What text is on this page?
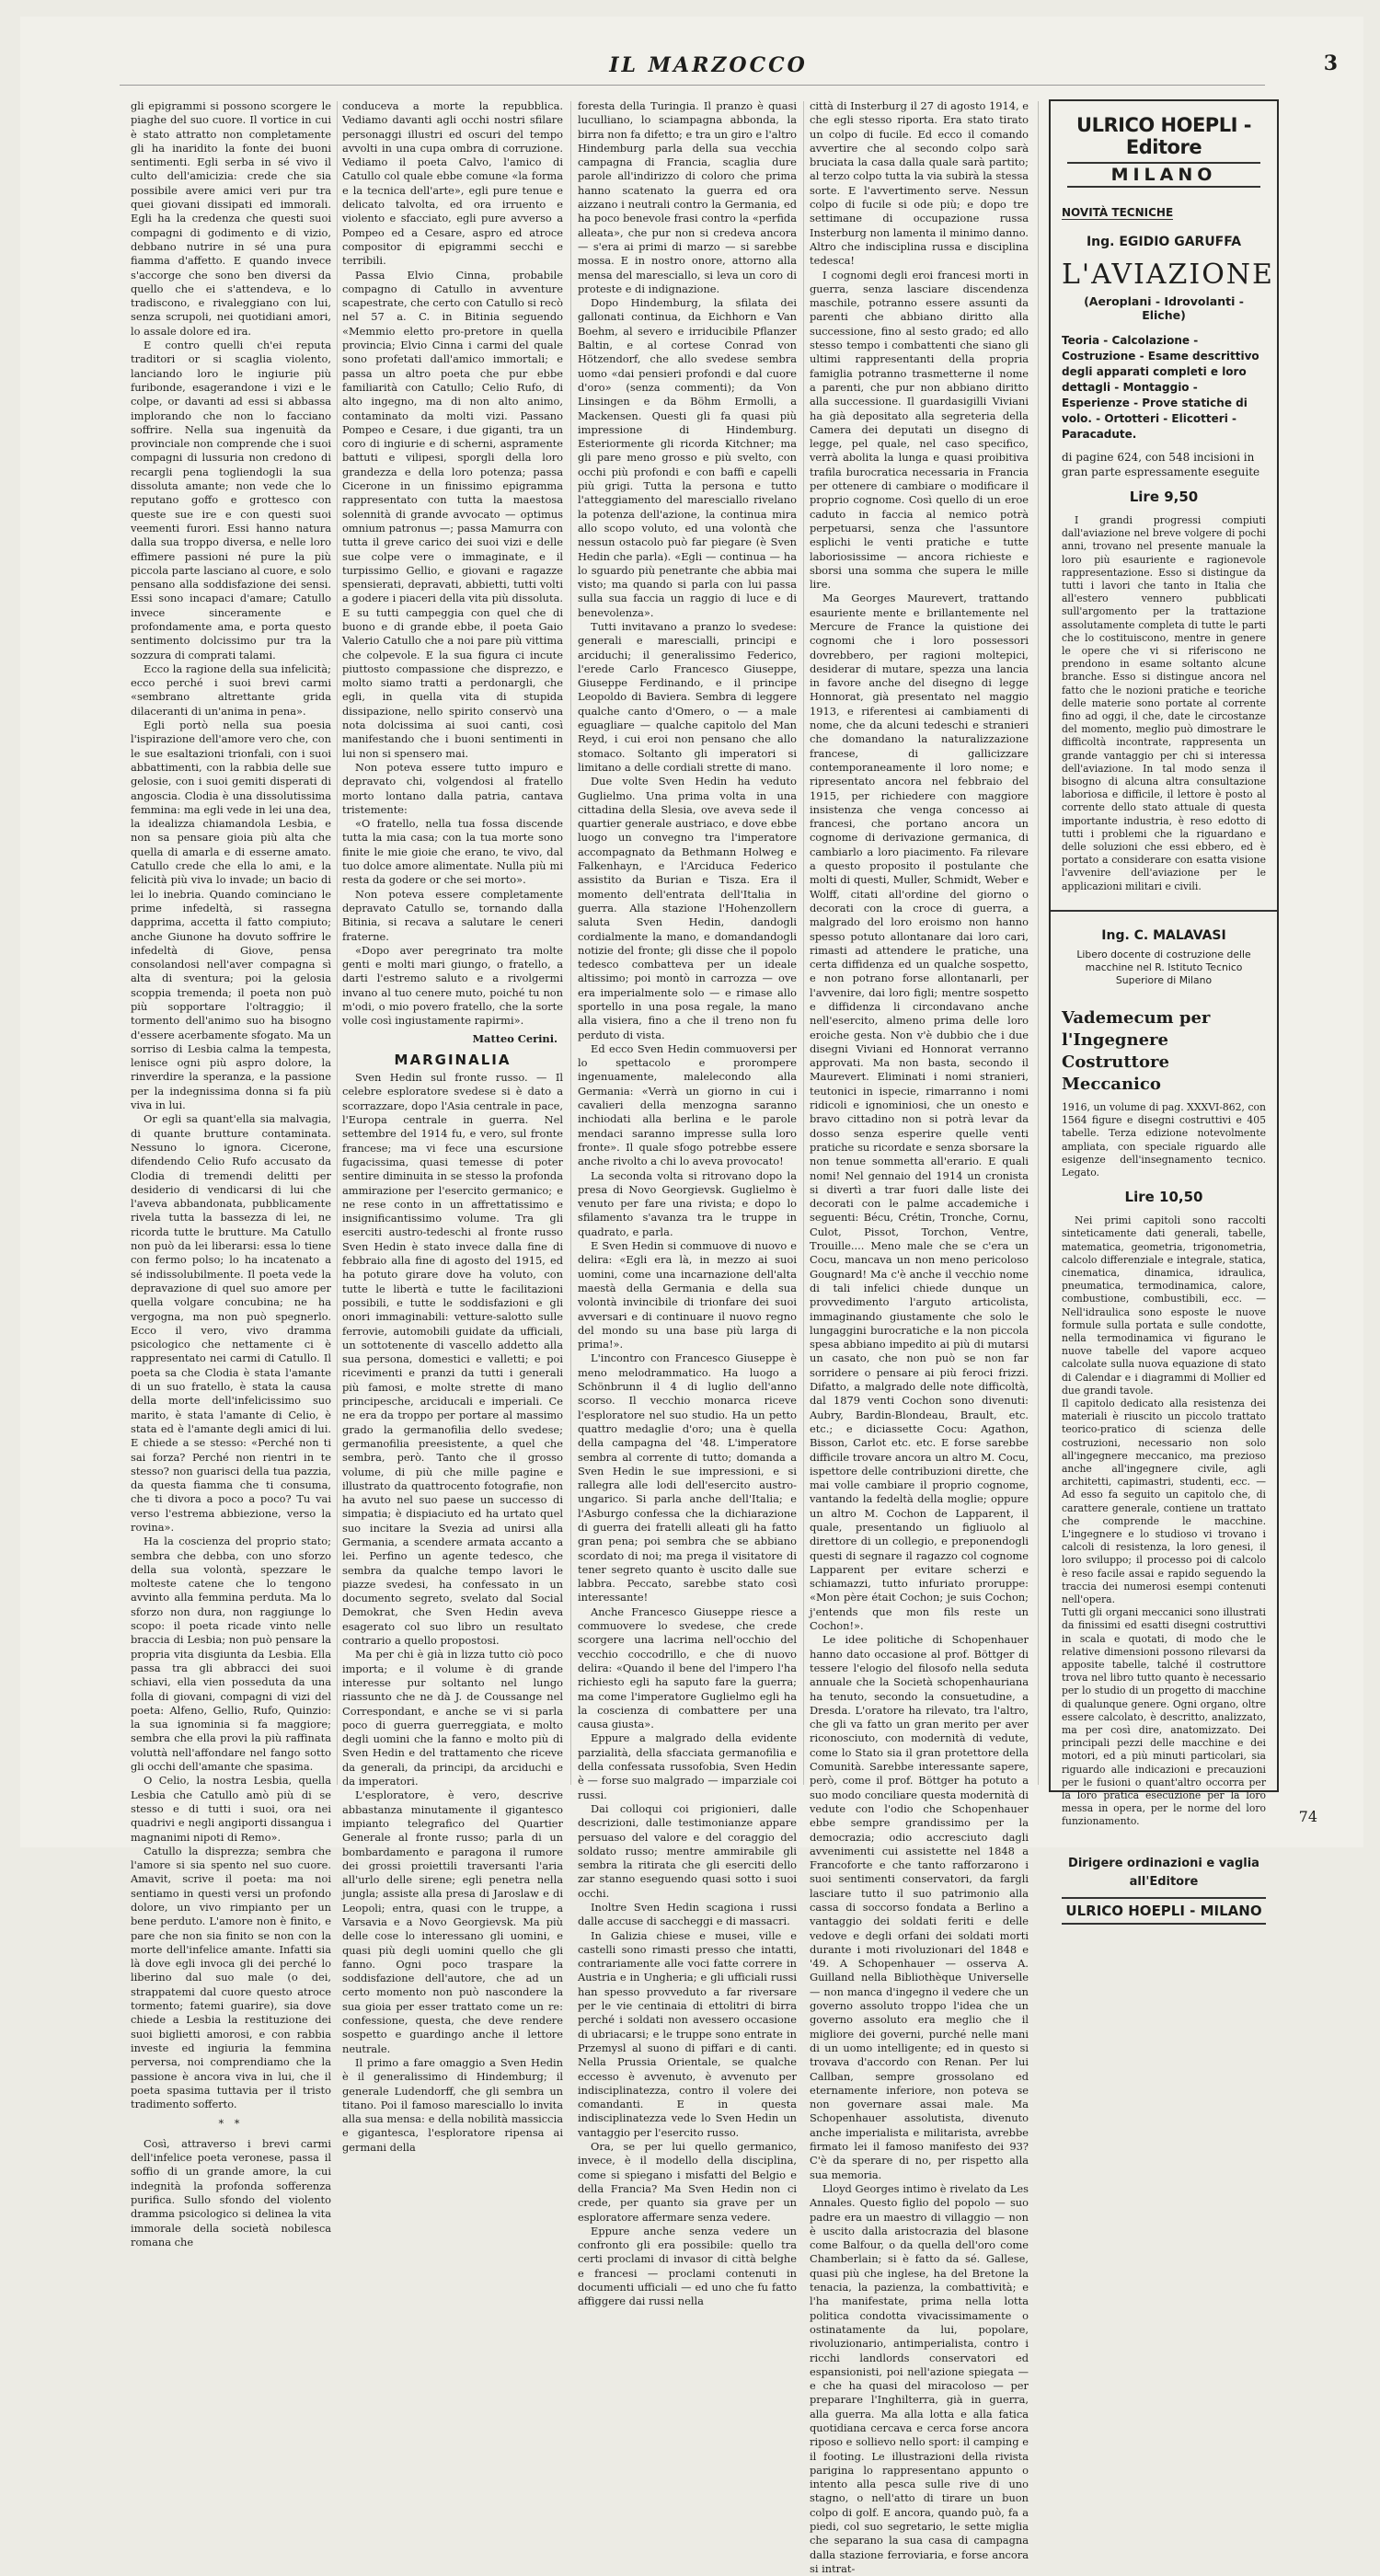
IL MARZOCCO	3

gli epigrammi si possono scorgere le piaghe del suo cuore. Il vortice in cui è stato attratto non completamente gli ha inaridito la fonte dei buoni sentimenti. Egli serba in sé vivo il culto dell'amicizia: crede che sia possibile avere amici veri pur tra quei giovani dissipati ed immorali. Egli ha la credenza che questi suoi compagni di godimento e di vizio, debbano nutrire in sé una pura fiamma d'affetto. E quando invece s'accorge che sono ben diversi da quello che ei s'attendeva, e lo tradiscono, e rivaleggiano con lui, senza scrupoli, nei quotidiani amori, lo assale dolore ed ira.

E contro quelli ch'ei reputa traditori or si scaglia violento, lanciando loro le ingiurie più furibonde, esagerandone i vizi e le colpe, or davanti ad essi si abbassa implorando che non lo facciano soffrire. Nella sua ingenuità da provinciale non comprende che i suoi compagni di lussuria non credono di recargli pena togliendogli la sua dissoluta amante; non vede che lo reputano goffo e grottesco con queste sue ire e con questi suoi veementi furori. Essi hanno natura dalla sua troppo diversa, e nelle loro effimere passioni né pure la più piccola parte lasciano al cuore, e solo pensano alla soddisfazione dei sensi. Essi sono incapaci d'amare; Catullo invece sinceramente e profondamente ama, e porta questo sentimento dolcissimo pur tra la sozzura di comprati talami.

Ecco la ragione della sua infelicità; ecco perché i suoi brevi carmi «sembrano altrettante grida dilaceranti di un'anima in pena».

Egli portò nella sua poesia l'ispirazione dell'amore vero che, con le sue esaltazioni trionfali, con i suoi abbattimenti, con la rabbia delle sue gelosie, con i suoi gemiti disperati di angoscia. Clodia è una dissolutissima femmina: ma egli vede in lei una dea, la idealizza chiamandola Lesbia, e non sa pensare gioia più alta che quella di amarla e di esserne amato. Catullo crede che ella lo ami, e la felicità più viva lo invade; un bacio di lei lo inebria. Quando cominciano le prime infedeltà, si rassegna dapprima, accetta il fatto compiuto; anche Giunone ha dovuto soffrire le infedeltà di Giove, pensa consolandosi nell'aver compagna sì alta di sventura; poi la gelosia scoppia tremenda; il poeta non può più sopportare l'oltraggio; il tormento dell'animo suo ha bisogno d'essere acerbamente sfogato. Ma un sorriso di Lesbia calma la tempesta, lenisce ogni più aspro dolore, la rinverdire la speranza, e la passione per la indegnissima donna si fa più viva in lui.

Or egli sa quant'ella sia malvagia, di quante brutture contaminata. Nessuno lo ignora. Cicerone, difendendo Celio Rufo accusato da Clodia di tremendi delitti per desiderio di vendicarsi di lui che l'aveva abbandonata, pubblicamente rivela tutta la bassezza di lei, ne ricorda tutte le brutture. Ma Catullo non può da lei liberarsi: essa lo tiene con fermo polso; lo ha incatenato a sé indissolubilmente. Il poeta vede la depravazione di quel suo amore per quella volgare concubina; ne ha vergogna, ma non può spegnerlo. Ecco il vero, vivo dramma psicologico che nettamente ci è rappresentato nei carmi di Catullo. Il poeta sa che Clodia è stata l'amante di un suo fratello, è stata la causa della morte dell'infelicissimo suo marito, è stata l'amante di Celio, è stata ed è l'amante degli amici di lui. E chiede a se stesso: «Perché non ti sai forza? Perché non rientri in te stesso? non guarisci della tua pazzia, da questa fiamma che ti consuma, che ti divora a poco a poco? Tu vai verso l'estrema abbiezione, verso la rovina».

Ha la coscienza del proprio stato; sembra che debba, con uno sforzo della sua volontà, spezzare le molteste catene che lo tengono avvinto alla femmina perduta. Ma lo sforzo non dura, non raggiunge lo scopo: il poeta ricade vinto nelle braccia di Lesbia; non può pensare la propria vita disgiunta da Lesbia. Ella passa tra gli abbracci dei suoi schiavi, ella vien posseduta da una folla di giovani, compagni di vizi del poeta: Alfeno, Gellio, Rufo, Quinzio: la sua ignominia si fa maggiore; sembra che ella provi la più raffinata voluttà nell'affondare nel fango sotto gli occhi dell'amante che spasima.

O Celio, la nostra Lesbia, quella Lesbia che Catullo amò più di se stesso e di tutti i suoi, ora nei quadrivi e negli angiporti dissangua i magnanimi nipoti di Remo».

Catullo la disprezza; sembra che l'amore si sia spento nel suo cuore. Amavit, scrive il poeta: ma noi sentiamo in questi versi un profondo dolore, un vivo rimpianto per un bene perduto. L'amore non è finito, e pare che non sia finito se non con la morte dell'infelice amante. Infatti sia là dove egli invoca gli dei perché lo liberino dal suo male (o dei, strappatemi dal cuore questo atroce tormento; fatemi guarire), sia dove chiede a Lesbia la restituzione dei suoi biglietti amorosi, e con rabbia investe ed ingiuria la femmina perversa, noi comprendiamo che la passione è ancora viva in lui, che il poeta spasima tuttavia per il tristo tradimento sofferto.

* *

Così, attraverso i brevi carmi dell'infelice poeta veronese, passa il soffio di un grande amore, la cui indegnità la profonda sofferenza purifica. Sullo sfondo del violento dramma psicologico si delinea la vita immorale della società nobilesca romana che

conduceva a morte la repubblica. Vediamo davanti agli occhi nostri sfilare personaggi illustri ed oscuri del tempo avvolti in una cupa ombra di corruzione. Vediamo il poeta Calvo, l'amico di Catullo col quale ebbe comune «la forma e la tecnica dell'arte», egli pure tenue e delicato talvolta, ed ora irruento e violento e sfacciato, egli pure avverso a Pompeo ed a Cesare, aspro ed atroce compositor di epigrammi secchi e terribili.

Passa Elvio Cinna, probabile compagno di Catullo in avventure scapestrate, che certo con Catullo si recò nel 57 a. C. in Bitinia seguendo «Memmio eletto pro-pretore in quella provincia; Elvio Cinna i carmi del quale sono profetati dall'amico immortali; e passa un altro poeta che pur ebbe familiarità con Catullo; Celio Rufo, di alto ingegno, ma di non alto animo, contaminato da molti vizi. Passano Pompeo e Cesare, i due giganti, tra un coro di ingiurie e di scherni, aspramente battuti e vilipesi, sporgli della loro grandezza e della loro potenza; passa Cicerone in un finissimo epigramma rappresentato con tutta la maestosa solennità di grande avvocato — optimus omnium patronus —; passa Mamurra con tutta il greve carico dei suoi vizi e delle sue colpe vere o immaginate, e il turpissimo Gellio, e giovani e ragazze spensierati, depravati, abbietti, tutti volti a godere i piaceri della vita più dissoluta. E su tutti campeggia con quel che di buono e di grande ebbe, il poeta Gaio Valerio Catullo che a noi pare più vittima che colpevole. E la sua figura ci incute piuttosto compassione che disprezzo, e molto siamo tratti a perdonargli, che egli, in quella vita di stupida dissipazione, nello spirito conservò una nota dolcissima ai suoi canti, così manifestando che i buoni sentimenti in lui non si spensero mai.

Non poteva essere tutto impuro e depravato chi, volgendosi al fratello morto lontano dalla patria, cantava tristemente:

«O fratello, nella tua fossa discende tutta la mia casa; con la tua morte sono finite le mie gioie che erano, te vivo, dal tuo dolce amore alimentate. Nulla più mi resta da godere or che sei morto».

Non poteva essere completamente depravato Catullo se, tornando dalla Bitinia, si recava a salutare le ceneri fraterne.

«Dopo aver peregrinato tra molte genti e molti mari giungo, o fratello, a darti l'estremo saluto e a rivolgermi invano al tuo cenere muto, poiché tu non m'odi, o mio povero fratello, che la sorte volle così ingiustamente rapirmi».

Matteo Cerini.
MARGINALIA

Sven Hedin sul fronte russo. — Il celebre esploratore svedese si è dato a scorrazzare, dopo l'Asia centrale in pace, l'Europa centrale in guerra. Nel settembre del 1914 fu, e vero, sul fronte francese; ma vi fece una escursione fugacissima, quasi temesse di poter sentire diminuita in se stesso la profonda ammirazione per l'esercito germanico; e ne rese conto in un affrettatissimo e insignificantissimo volume. Tra gli eserciti austro-tedeschi al fronte russo Sven Hedin è stato invece dalla fine di febbraio alla fine di agosto del 1915, ed ha potuto girare dove ha voluto, con tutte le libertà e tutte le facilitazioni possibili, e tutte le soddisfazioni e gli onori immaginabili: vetture-salotto sulle ferrovie, automobili guidate da ufficiali, un sottotenente di vascello addetto alla sua persona, domestici e valletti; e poi ricevimenti e pranzi da tutti i generali più famosi, e molte strette di mano principesche, arciducali e imperiali. Ce ne era da troppo per portare al massimo grado la germanofilia dello svedese; germanofilia preesistente, a quel che sembra, però. Tanto che il grosso volume, di più che mille pagine e illustrato da quattrocento fotografie, non ha avuto nel suo paese un successo di simpatia; è dispiaciuto ed ha urtato quel suo incitare la Svezia ad unirsi alla Germania, a scendere armata accanto a lei. Perfino un agente tedesco, che sembra da qualche tempo lavori le piazze svedesi, ha confessato in un documento segreto, svelato dal Social Demokrat, che Sven Hedin aveva esagerato col suo libro un resultato contrario a quello propostosi.

Ma per chi è già in lizza tutto ciò poco importa; e il volume è di grande interesse pur soltanto nel lungo riassunto che ne dà J. de Coussange nel Correspondant, e anche se vi si parla poco di guerra guerreggiata, e molto degli uomini che la fanno e molto più di Sven Hedin e del trattamento che riceve da generali, da principi, da arciduchi e da imperatori.

L'esploratore, è vero, descrive abbastanza minutamente il gigantesco impianto telegrafico del Quartier Generale al fronte russo; parla di un bombardamento e paragona il rumore dei grossi proiettili traversanti l'aria all'urlo delle sirene; egli penetra nella jungla; assiste alla presa di Jaroslaw e di Leopoli; entra, quasi con le truppe, a Varsavia e a Novo Georgievsk. Ma più delle cose lo interessano gli uomini, e quasi più degli uomini quello che gli fanno. Ogni poco trasparе la soddisfazione dell'autore, che ad un certo momento non può nascondere la sua gioia per esser trattato come un re: confessione, questa, che deve rendere sospetto e guardingo anche il lettore neutrale.

Il primo a fare omaggio a Sven Hedin è il generalissimo di Hindemburg; il generale Ludendorff, che gli sembra un titano. Poi il famoso maresciallo lo invita alla sua mensa: e della nobilità massiccia e gigantesca, l'esploratore ripensa ai germani della

foresta della Turingia. Il pranzo è quasi luculliano, lo sciampagna abbonda, la birra non fa difetto; e tra un giro e l'altro Hindemburg parla della sua vecchia campagna di Francia, scaglia dure parole all'indirizzo di coloro che prima hanno scatenato la guerra ed ora aizzano i neutrali contro la Germania, ed ha poco benevole frasi contro la «perfida alleata», che pur non si credeva ancora — s'era ai primi di marzo — si sarebbe mossa. E in nostro onore, attorno alla mensa del maresciallo, si leva un coro di proteste e di indignazione.

Dopo Hindemburg, la sfilata dei gallonati continua, da Eichhorn e Van Boehm, al severo e irriducibile Pflanzer Baltin, e al cortese Conrad von Hötzendorf, che allo svedese sembra uomo «dai pensieri profondi e dal cuore d'oro» (senza commenti); da Von Linsingen e da Böhm Ermolli, a Mackensen. Questi gli fa quasi più impressione di Hindemburg. Esteriormente gli ricorda Kitchner; ma gli pare meno grosso e più svelto, con occhi più profondi e con baffi e capelli più grigi. Tutta la persona e tutto l'atteggiamento del maresciallo rivelano la potenza dell'azione, la continua mira allo scopo voluto, ed una volontà che nessun ostacolo può far piegare (è Sven Hedin che parla). «Egli — continua — ha lo sguardo più penetrante che abbia mai visto; ma quando si parla con lui passa sulla sua faccia un raggio di luce e di benevolenza».

Tutti invitavano a pranzo lo svedese: generali e marescialli, principi e arciduchi; il generalissimo Federico, l'erede Carlo Francesco Giuseppe, Giuseppe Ferdinando, e il principe Leopoldo di Baviera. Sembra di leggere qualche canto d'Omero, o — a male eguagliare — qualche capitolo del Man Reyd, i cui eroi non pensano che allo stomaco. Soltanto gli imperatori si limitano a delle cordiali strette di mano.

Due volte Sven Hedin ha veduto Guglielmo. Una prima volta in una cittadina della Slesia, ove aveva sede il quartier generale austriaco, e dove ebbe luogo un convegno tra l'imperatore accompagnato da Bethmann Holweg e Falkenhayn, e l'Arciduca Federico assistito da Burian e Tisza. Era il momento dell'entrata dell'Italia in guerra. Alla stazione l'Hohenzollern saluta Sven Hedin, dandogli cordialmente la mano, e domandandogli notizie del fronte; gli disse che il popolo tedesco combatteva per un ideale altissimo; poi montò in carrozza — ove era imperialmente solo — e rimase allo sportello in una posa regale, la mano alla visiera, fino a che il treno non fu perduto di vista.

Ed ecco Sven Hedin commuoversi per lo spettacolo e prorompere ingenuamente, malelecondo alla Germania: «Verrà un giorno in cui i cavalieri della menzogna saranno inchiodati alla berlina e le parole mendaci saranno impresse sulla loro fronte». Il quale sfogo potrebbe essere anche rivolto a chi lo aveva provocato!

La seconda volta si ritrovano dopo la presa di Novo Georgievsk. Guglielmo è venuto per fare una rivista; e dopo lo sfilamento s'avanza tra le truppe in quadrato, e parla.

E Sven Hedin si commuove di nuovo e delira: «Egli era là, in mezzo ai suoi uomini, come una incarnazione dell'alta maestà della Germania e della sua volontà invincibile di trionfare dei suoi avversari e di continuare il nuovo regno del mondo su una base più larga di prima!».

L'incontro con Francesco Giuseppe è meno melodrammatico. Ha luogo a Schönbrunn il 4 di luglio dell'anno scorso. Il vecchio monarca riceve l'esploratore nel suo studio. Ha un petto quattro medaglie d'oro; una è quella della campagna del '48. L'imperatore sembra al corrente di tutto; domanda a Sven Hedin le sue impressioni, e si rallegra alle lodi dell'esercito austro-ungarico. Si parla anche dell'Italia; e l'Asburgo confessa che la dichiarazione di guerra dei fratelli alleati gli ha fatto gran pena; poi sembra che se abbiano scordato di noi; ma prega il visitatore di tener segreto quanto è uscito dalle sue labbra. Peccato, sarebbe stato così interessante!

Anche Francesco Giuseppe riesce a commuovere lo svedese, che crede scorgere una lacrima nell'occhio del vecchio coccodrillo, e che di nuovo delira: «Quando il bene del l'impero l'ha richiesto egli ha saputo fare la guerra; ma come l'imperatore Guglielmo egli ha la coscienza di combattere per una causa giusta».

Eppure a malgrado della evidente parzialità, della sfacciata germanofilia e della confessata russofobia, Sven Hedin è — forse suo malgrado — imparziale coi russi.

Dai colloqui coi prigionieri, dalle descrizioni, dalle testimonianze appare persuaso del valore e del coraggio del soldato russo; mentre ammirabile gli sembra la ritirata che gli eserciti dello zar stanno eseguendo quasi sotto i suoi occhi.

Inoltre Sven Hedin scagiona i russi dalle accuse di saccheggi e di massacri.

In Galizia chiese e musei, ville e castelli sono rimasti presso che intatti, contrariamente alle voci fatte correre in Austria e in Ungheria; e gli ufficiali russi han spesso provveduto a far riversare per le vie centinaia di ettolitri di birra perché i soldati non avessero occasione di ubriacarsi; e le truppe sono entrate in Przemysl al suono di piffari e di canti. Nella Prussia Orientale, se qualche eccesso è avvenuto, è avvenuto per indisciplinatezza, contro il volere dei comandanti. E in questa indisciplinatezza vede lo Sven Hedin un vantaggio per l'esercito russo.

Ora, se per lui quello germanico, invece, è il modello della disciplina, come si spiegano i misfatti del Belgio e della Francia? Ma Sven Hedin non ci crede, per quanto sia grave per un esploratore affermare senza vedere.

Eppure anche senza vedere un confronto gli era possibile: quello tra certi proclami di invasor di città belghe e francesi — proclami contenuti in documenti ufficiali — ed uno che fu fatto affiggere dai russi nella

città di Insterburg il 27 di agosto 1914, e che egli stesso riporta. Era stato tirato un colpo di fucile. Ed ecco il comando avvertire che al secondo colpo sarà bruciata la casa dalla quale sarà partito; al terzo colpo tutta la via subirà la stessa sorte. E l'avvertimento serve. Nessun colpo di fucile si ode più; e dopo tre settimane di occupazione russa Insterburg non lamenta il minimo danno. Altro che indisciplina russa e disciplina tedesca!

I cognomi degli eroi francesi morti in guerra, senza lasciare discendenza maschile, potranno essere assunti da parenti che abbiano diritto alla successione, fino al sesto grado; ed allo stesso tempo i combattenti che siano gli ultimi rappresentanti della propria famiglia potranno trasmetterne il nome a parenti, che pur non abbiano diritto alla successione. Il guardasigilli Viviani ha già depositato alla segreteria della Camera dei deputati un disegno di legge, pel quale, nel caso specifico, verrà abolita la lunga e quasi proibitiva trafila burocratica necessaria in Francia per ottenere di cambiare o modificare il proprio cognome. Così quello di un eroe caduto in faccia al nemico potrà perpetuarsi, senza che l'assuntore esplichi le venti pratiche e tutte laboriosissime — ancora richieste e sborsi una somma che supera le mille lire.

Ma Georges Maurevert, trattando esauriente mente e brillantemente nel Mercure de France la quistione dei cognomi che i loro possessori dovrebbero, per ragioni moltepici, desiderar di mutare, spezza una lancia in favore anche del disegno di legge Honnorat, già presentato nel maggio 1913, e riferentesi ai cambiamenti di nome, che da alcuni tedeschi e stranieri che domandano la naturalizzazione francese, di gallicizzare contemporaneamente il loro nome; e ripresentato ancora nel febbraio del 1915, per richiedere con maggiore insistenza che venga concesso ai francesi, che portano ancora un cognome di derivazione germanica, di cambiarlo a loro piacimento. Fa rilevare a questo proposito il postulante che molti di questi, Muller, Schmidt, Weber e Wolff, citati all'ordine del giorno o decorati con la croce di guerra, a malgrado del loro eroismo non hanno spesso potuto allontanare dai loro cari, rimasti ad attendere le pratiche, una certa diffidenza ed un qualche sospetto, e non potrano forse allontanarli, per l'avvenire, dai loro figli; mentre sospetto e diffidenza li circondavano anche nell'esercito, almeno prima delle loro eroiche gesta. Non v'è dubbio che i due disegni Viviani ed Honnorat verranno approvati. Ma non basta, secondo il Maurevert. Eliminati i nomi stranieri, teutonici in ispecie, rimarranno i nomi ridicoli e ignominiosi, che un onesto e bravo cittadino non si potrà levar da dosso senza esperire quelle venti pratiche su ricordate e senza sborsare la non tenue sommetta all'erario. E quali nomi! Nel gennaio del 1914 un cronista si divertì a trar fuori dalle liste dei decorati con le palme accademiche i seguenti: Bécu, Crétin, Tronche, Cornu, Culot, Pissot, Torchon, Ventre, Trouille.... Meno male che se c'era un Cocu, mancava un non meno pericoloso Gougnard! Ma c'è anche il vecchio nome di tali infelici chiede dunque un provvedimento l'arguto articolista, immaginando giustamente che solo le lungaggini burocratiche e la non piccola spesa abbiano impedito ai più di mutarsi un casato, che non può se non far sorridere o pensare ai più feroci frizzi. Difatto, a malgrado delle note difficoltà, dal 1879 venti Cochon sono divenuti: Aubry, Bardin-Blondeau, Brault, etc. etc.; e diciassette Cocu: Agathon, Bisson, Carlot etc. etc. E forse sarebbe difficile trovare ancora un altro M. Cocu, ispettore delle contribuzioni dirette, che mai volle cambiare il proprio cognome, vantando la fedeltà della moglie; oppure un altro M. Cochon de Lapparent, il quale, presentando un figliuolo al direttore di un collegio, e preponendogli questi di segnare il ragazzo col cognome Lapparent per evitare scherzi e schiamazzi, tutto infuriato proruppe: «Mon père était Cochon; je suis Cochon; j'entends que mon fils reste un Cochon!».

Le idee politiche di Schopenhauer hanno dato occasione al prof. Böttger di tessere l'elogio del filosofo nella seduta annuale che la Società schopenhauriana ha tenuto, secondo la consuetudine, a Dresda. L'oratore ha rilevato, tra l'altro, che gli va fatto un gran merito per aver riconosciuto, con modernità di vedute, come lo Stato sia il gran protettore della Comunità. Sarebbe interessante sapere, però, come il prof. Böttger ha potuto a suo modo conciliare questa modernità di vedute con l'odio che Schopenhauer ebbe sempre grandissimo per la democrazia; odio accresciuto dagli avvenimenti cui assistette nel 1848 a Francoforte e che tanto rafforzarono i suoi sentimenti conservatori, da fargli lasciare tutto il suo patrimonio alla cassa di soccorso fondata a Berlino a vantaggio dei soldati feriti e delle vedove e degli orfani dei soldati morti durante i moti rivoluzionari del 1848 e '49. A Schopenhauer — osserva A. Guilland nella Bibliothèque Universelle — non manca d'ingegno il vedere che un governo assoluto troppo l'idea che un governo assoluto era meglio che il migliore dei governi, purché nelle mani di un uomo intelligente; ed in questo si trovava d'accordo con Renan. Per lui Callban, sempre grossolano ed eternamente inferiore, non poteva se non governare assai male. Ma Schopenhauer assolutista, divenuto anche imperialista e militarista, avrebbe firmato lei il famoso manifesto dei 93? C'è da sperare di no, per rispetto alla sua memoria.

Lloyd Georges intimo è rivelato da Les Annales. Questo figlio del popolo — suo padre era un maestro di villaggio — non è uscito dalla aristocrazia del blasone come Balfour, o da quella dell'oro come Chamberlain; si è fatto da sé. Gallese, quasi più che inglese, ha del Bretone la tenacia, la pazienza, la combattività; e l'ha manifestate, prima nella lotta politica condotta vivacissimamente o ostinatamente da lui, popolare, rivoluzionario, antimperialista, contro i ricchi landlords conservatori ed espansionisti, poi nell'azione spiegata — e che ha quasi del miracoloso — per preparare l'Inghilterra, già in guerra, alla guerra. Ma alla lotta e alla fatica quotidiana cercava e cerca forse ancora riposo e sollievo nello sport: il camping e il footing. Le illustrazioni della rivista parigina lo rappresentano appunto o intento alla pesca sulle rive di uno stagno, o nell'atto di tirare un buon colpo di golf. E ancora, quando può, fa a piedi, col suo segretario, le sette miglia che separano la sua casa di campagna dalla stazione ferroviaria, e forse ancora si intrat-

ULRICO HOEPLI - Editore
MILANO
NOVITÀ TECNICHE
Ing. EGIDIO GARUFFA
L'AVIAZIONE
(Aeroplani - Idrovolanti - Eliche)
Teoria - Calcolazione - Costruzione - Esame descrittivo degli apparati completi e loro dettagli - Montaggio - Esperienze - Prove statiche di volo. - Ortotteri - Elicotteri - Paracadute.
di pagine 624, con 548 incisioni in gran parte espressamente eseguite
Lire 9,50
I grandi progressi compiuti dall'aviazione nel breve volgere di pochi anni, trovano nel presente manuale la loro più esauriente e ragionevole rappresentazione. Esso si distingue da tutti i lavori che tanto in Italia che all'estero vennero pubblicati sull'argomento per la trattazione assolutamente completa di tutte le parti che lo costituiscono, mentre in genere le opere che vi si riferiscono ne prendono in esame soltanto alcune branche. Esso si distingue ancora nel fatto che le nozioni pratiche e teoriche delle materie sono portate al corrente fino ad oggi, il che, date le circostanze del momento, meglio può dimostrare le difficoltà incontrate, rappresenta un grande vantaggio per chi si interessa dell'aviazione. In tal modo senza il bisogno di alcuna altra consultazione laboriosa e difficile, il lettore è posto al corrente dello stato attuale di questa importante industria, è reso edotto di tutti i problemi che la riguardano e delle soluzioni che essi ebbero, ed è portato a considerare con esatta visione l'avvenire dell'aviazione per le applicazioni militari e civili.
Ing. C. MALAVASI
Libero docente di costruzione delle macchine nel R. Istituto Tecnico Superiore di Milano
Vademecum per l'Ingegnere Costruttore Meccanico
1916, un volume di pag. XXXVI-862, con 1564 figure e disegni costruttivi e 405 tabelle. Terza edizione notevolmente ampliata, con speciale riguardo alle esigenze dell'insegnamento tecnico. Legato.
Lire 10,50
Nei primi capitoli sono raccolti sinteticamente dati generali, tabelle, matematica, geometria, trigonometria, calcolo differenziale e integrale, statica, cinematica, dinamica, idraulica, pneumatica, termodinamica, calore, combustione, combustibili, ecc. — Nell'idraulica sono esposte le nuove formule sulla portata e sulle condotte, nella termodinamica vi figurano le nuove tabelle del vapore acqueo calcolate sulla nuova equazione di stato di Calendar e i diagrammi di Mollier ed due grandi tavole.
Il capitolo dedicato alla resistenza dei materiali è riuscito un piccolo trattato teorico-pratico di scienza delle costruzioni, necessario non solo all'ingegnere meccanico, ma prezioso anche all'ingegnere civile, agli architetti, capimastri, studenti, ecc. — Ad esso fa seguito un capitolo che, di carattere generale, contiene un trattato che comprende le macchine. L'ingegnere e lo studioso vi trovano i calcoli di resistenza, la loro genesi, il loro sviluppo; il processo poi di calcolo è reso facile assai e rapido seguendo la traccia dei numerosi esempi contenuti nell'opera.
Tutti gli organi meccanici sono illustrati da finissimi ed esatti disegni costruttivi in scala e quotati, di modo che le relative dimensioni possono rilevarsi da apposite tabelle, talché il costruttore trova nel libro tutto quanto è necessario per lo studio di un progetto di macchine di qualunque genere. Ogni organo, oltre essere calcolato, è descritto, analizzato, ma per così dire, anatomizzato. Dei principali pezzi delle macchine e dei motori, ed a più minuti particolari, sia riguardo alle indicazioni e precauzioni per le fusioni o quant'altro occorra per la loro pratica esecuzione per la loro messa in opera, per le norme del loro funzionamento.
Dirigere ordinazioni e vaglia all'Editore
ULRICO HOEPLI - MILANO
74
